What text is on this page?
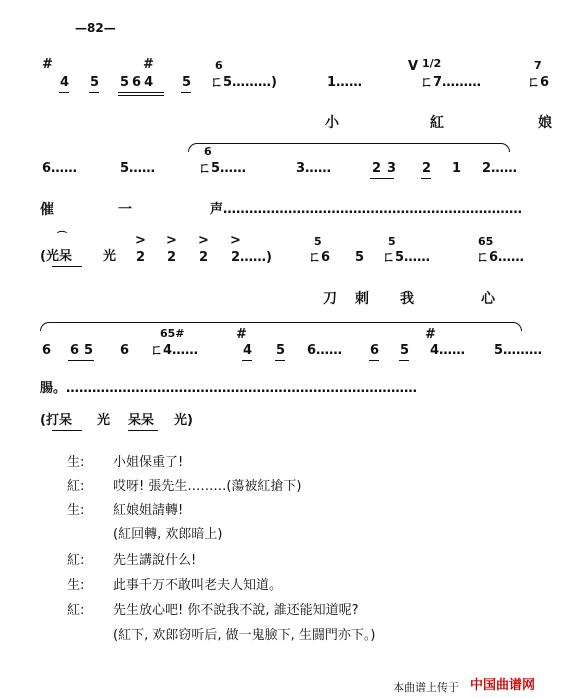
—82—
#
4 5
#
564 5
6
ㄈ5………)	1……
V 1/2
ㄈ7………
7
ㄈ6
小	紅	娘
6……	5……
6
ㄈ5……	3……	23 2 1 2……
催	一	声……………………………………………………………
⌒
(光呆 光
> > > >
2 2 2 2……)
5
ㄈ6 5
5
ㄈ5……
65
ㄈ6……
刀 刺 我	心
6 65 6
65#
ㄈ4……
#
4 5 6…… 6 5
#
4…… 5………
腸。………………………………………………………………………
(打呆 光 呆呆 光)
生: 小姐保重了!
紅: 哎呀! 張先生………(蕩被紅搶下)
生: 紅娘姐請轉!
(紅回轉, 欢郎暗上)
紅: 先生講說什么!
生: 此事千万不敢叫老夫人知道。
紅: 先生放心吧! 你不說我不說, 誰还能知道呢?
(紅下, 欢郎窃听后, 做一鬼臉下, 生闘門亦下。)
本曲谱上传于 中国曲谱网
